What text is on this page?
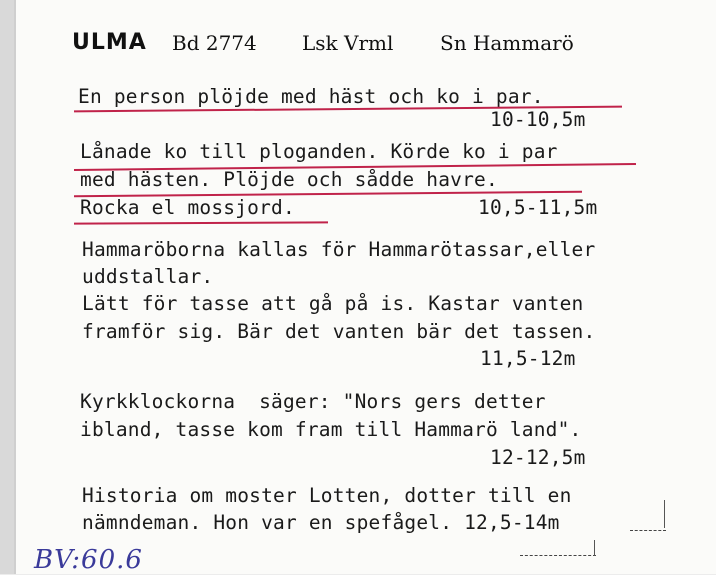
ULMA Bd 2774 Lsk Vrml Sn Hammarö
En person plöjde med häst och ko i par.
10-10,5m
Lånade ko till ploganden. Körde ko i par
med hästen. Plöjde och sådde havre.
Rocka el mossjord.	10,5-11,5m
Hammaröborna kallas för Hammarötassar,eller
uddstallar.
Lätt för tasse att gå på is. Kastar vanten
framför sig. Bär det vanten bär det tassen.
11,5-12m
Kyrkklockorna  säger: "Nors gers detter
ibland, tasse kom fram till Hammarö land".
12-12,5m
Historia om moster Lotten, dotter till en
nämndeman. Hon var en spefågel. 12,5-14m
BV:60.6
